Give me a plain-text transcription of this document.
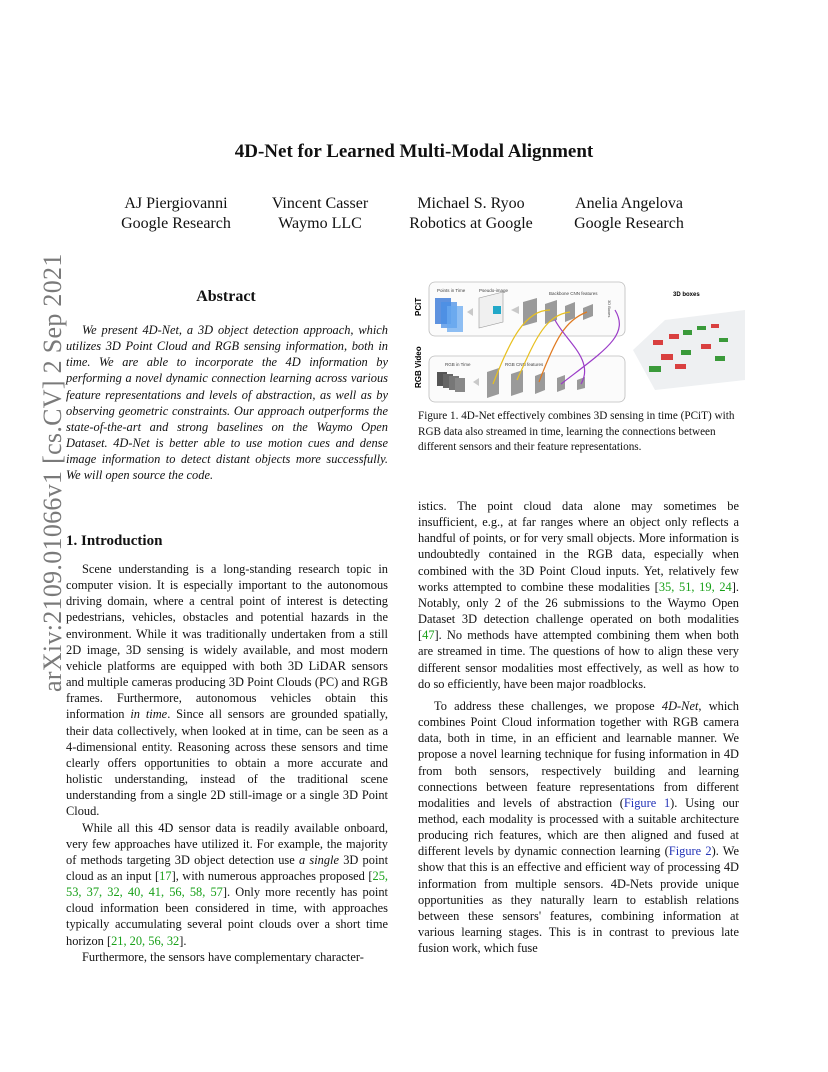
arXiv:2109.01066v1 [cs.CV] 2 Sep 2021
4D-Net for Learned Multi-Modal Alignment
AJ Piergiovanni
Google Research
Vincent Casser
Waymo LLC
Michael S. Ryoo
Robotics at Google
Anelia Angelova
Google Research
Abstract

We present 4D-Net, a 3D object detection approach, which utilizes 3D Point Cloud and RGB sensing information, both in time. We are able to incorporate the 4D information by performing a novel dynamic connection learning across various feature representations and levels of abstraction, as well as by observing geometric constraints. Our approach outperforms the state-of-the-art and strong baselines on the Waymo Open Dataset. 4D-Net is better able to use motion cues and dense image information to detect distant objects more successfully. We will open source the code.

1. Introduction

Scene understanding is a long-standing research topic in computer vision. It is especially important to the autonomous driving domain, where a central point of interest is detecting pedestrians, vehicles, obstacles and potential hazards in the environment. While it was traditionally undertaken from a still 2D image, 3D sensing is widely available, and most modern vehicle platforms are equipped with both 3D LiDAR sensors and multiple cameras producing 3D Point Clouds (PC) and RGB frames. Furthermore, autonomous vehicles obtain this information in time. Since all sensors are grounded spatially, their data collectively, when looked at in time, can be seen as a 4-dimensional entity. Reasoning across these sensors and time clearly offers opportunities to obtain a more accurate and holistic understanding, instead of the traditional scene understanding from a single 2D still-image or a single 3D Point Cloud.

While all this 4D sensor data is readily available onboard, very few approaches have utilized it. For example, the majority of methods targeting 3D object detection use a single 3D point cloud as an input [17], with numerous approaches proposed [25, 53, 37, 32, 40, 41, 56, 58, 57]. Only more recently has point cloud information been considered in time, with approaches typically accumulating several point clouds over a short time horizon [21, 20, 56, 32].

Furthermore, the sensors have complementary character-

PCiT
RGB Video
Points in Time	Pseudo-image
Backbone CNN features
RGB in Time	RGB CNN features
3D Boxes
3D boxes
Figure 1. 4D-Net effectively combines 3D sensing in time (PCiT) with RGB data also streamed in time, learning the connections between different sensors and their feature representations.

istics. The point cloud data alone may sometimes be insufficient, e.g., at far ranges where an object only reflects a handful of points, or for very small objects. More information is undoubtedly contained in the RGB data, especially when combined with the 3D Point Cloud inputs. Yet, relatively few works attempted to combine these modalities [35, 51, 19, 24]. Notably, only 2 of the 26 submissions to the Waymo Open Dataset 3D detection challenge operated on both modalities [47]. No methods have attempted combining them when both are streamed in time. The questions of how to align these very different sensor modalities most effectively, as well as how to do so efficiently, have been major roadblocks.

To address these challenges, we propose 4D-Net, which combines Point Cloud information together with RGB camera data, both in time, in an efficient and learnable manner. We propose a novel learning technique for fusing information in 4D from both sensors, respectively building and learning connections between feature representations from different modalities and levels of abstraction (Figure 1). Using our method, each modality is processed with a suitable architecture producing rich features, which are then aligned and fused at different levels by dynamic connection learning (Figure 2). We show that this is an effective and efficient way of processing 4D information from multiple sensors. 4D-Nets provide unique opportunities as they naturally learn to establish relations between these sensors' features, combining information at various learning stages. This is in contrast to previous late fusion work, which fuse
